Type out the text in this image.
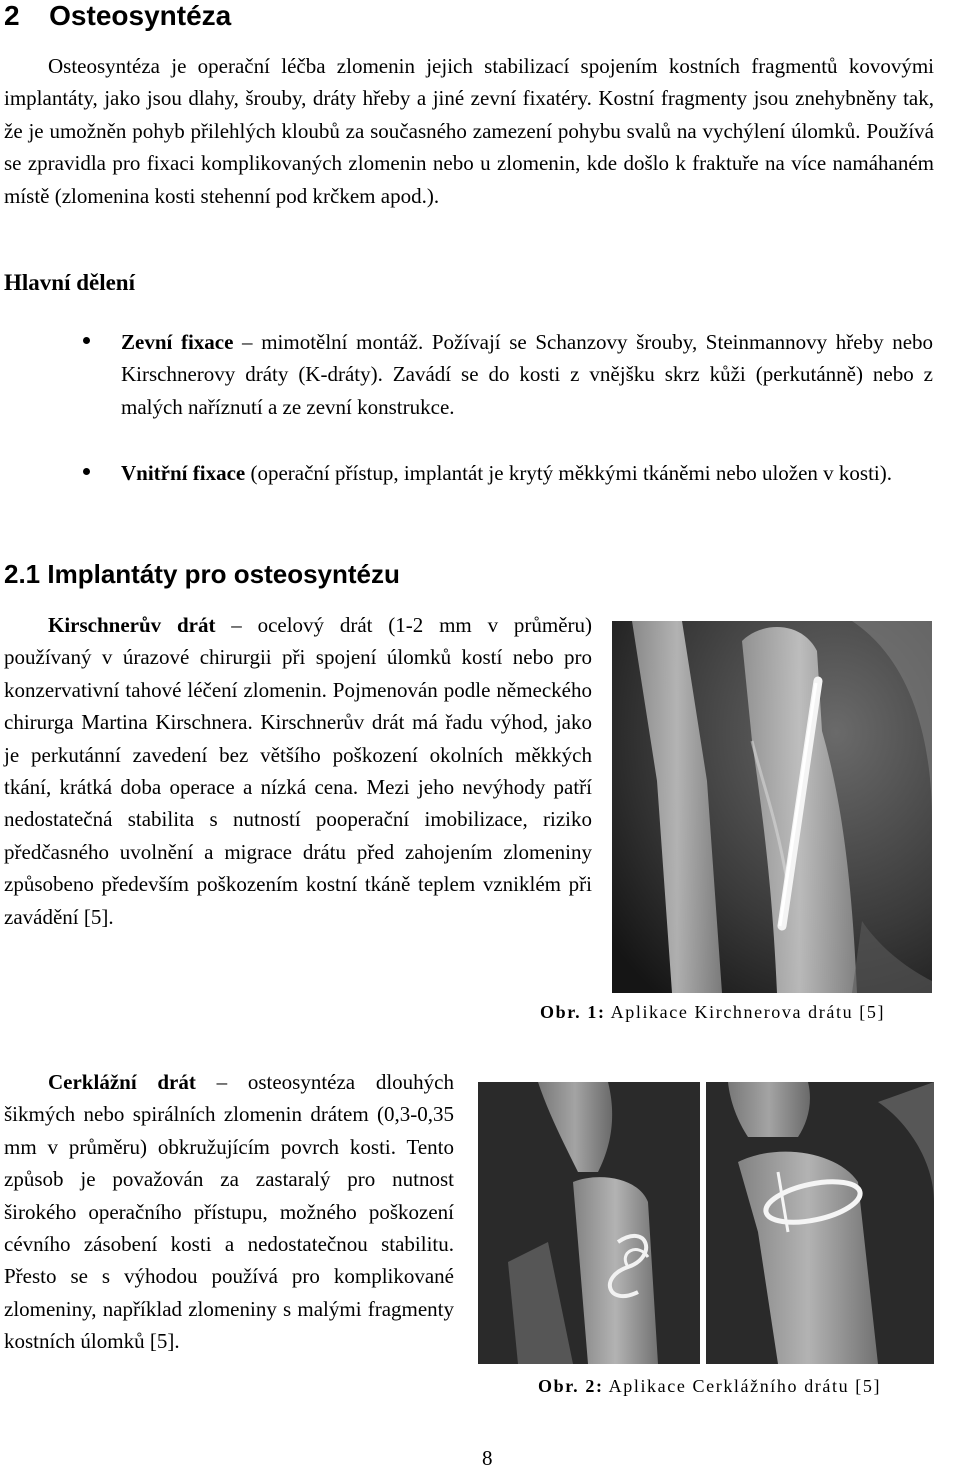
2 Osteosyntéza
Osteosyntéza je operační léčba zlomenin jejich stabilizací spojením kostních fragmentů kovovými implantáty, jako jsou dlahy, šrouby, dráty hřeby a jiné zevní fixatéry. Kostní fragmenty jsou znehybněny tak, že je umožněn pohyb přilehlých kloubů za současného zamezení pohybu svalů na vychýlení úlomků. Používá se zpravidla pro fixaci komplikovaných zlomenin nebo u zlomenin, kde došlo k fraktuře na více namáhaném místě (zlomenina kosti stehenní pod krčkem apod.).
Hlavní dělení
Zevní fixace – mimotělní montáž. Požívají se Schanzovy šrouby, Steinmannovy hřeby nebo Kirschnerovy dráty (K-dráty). Zavádí se do kosti z vnějšku skrz kůži (perkutánně) nebo z malých naříznutí a ze zevní konstrukce.
Vnitřní fixace (operační přístup, implantát je krytý měkkými tkáněmi nebo uložen v kosti).
2.1 Implantáty pro osteosyntézu
Kirschnerův drát – ocelový drát (1-2 mm v průměru) používaný v úrazové chirurgii při spojení úlomků kostí nebo pro konzervativní tahové léčení zlomenin. Pojmenován podle německého chirurga Martina Kirschnera. Kirschnerův drát má řadu výhod, jako je perkutánní zavedení bez většího poškození okolních měkkých tkání, krátká doba operace a nízká cena. Mezi jeho nevýhody patří nedostatečná stabilita s nutností pooperační imobilizace, riziko předčasného uvolnění a migrace drátu před zahojením zlomeniny způsobeno především poškozením kostní tkáně teplem vzniklém při zavádění [5].
Obr. 1: Aplikace Kirchnerova drátu [5]
Cerklážní drát – osteosyntéza dlouhých šikmých nebo spirálních zlomenin drátem (0,3-0,35 mm v průměru) obkružujícím povrch kosti. Tento způsob je považován za zastaralý pro nutnost širokého operačního přístupu, možného poškození cévního zásobení kosti a nedostatečnou stabilitu. Přesto se s výhodou používá pro komplikované zlomeniny, například zlomeniny s malými fragmenty kostních úlomků [5].
Obr. 2: Aplikace Cerklážního drátu [5]
8
